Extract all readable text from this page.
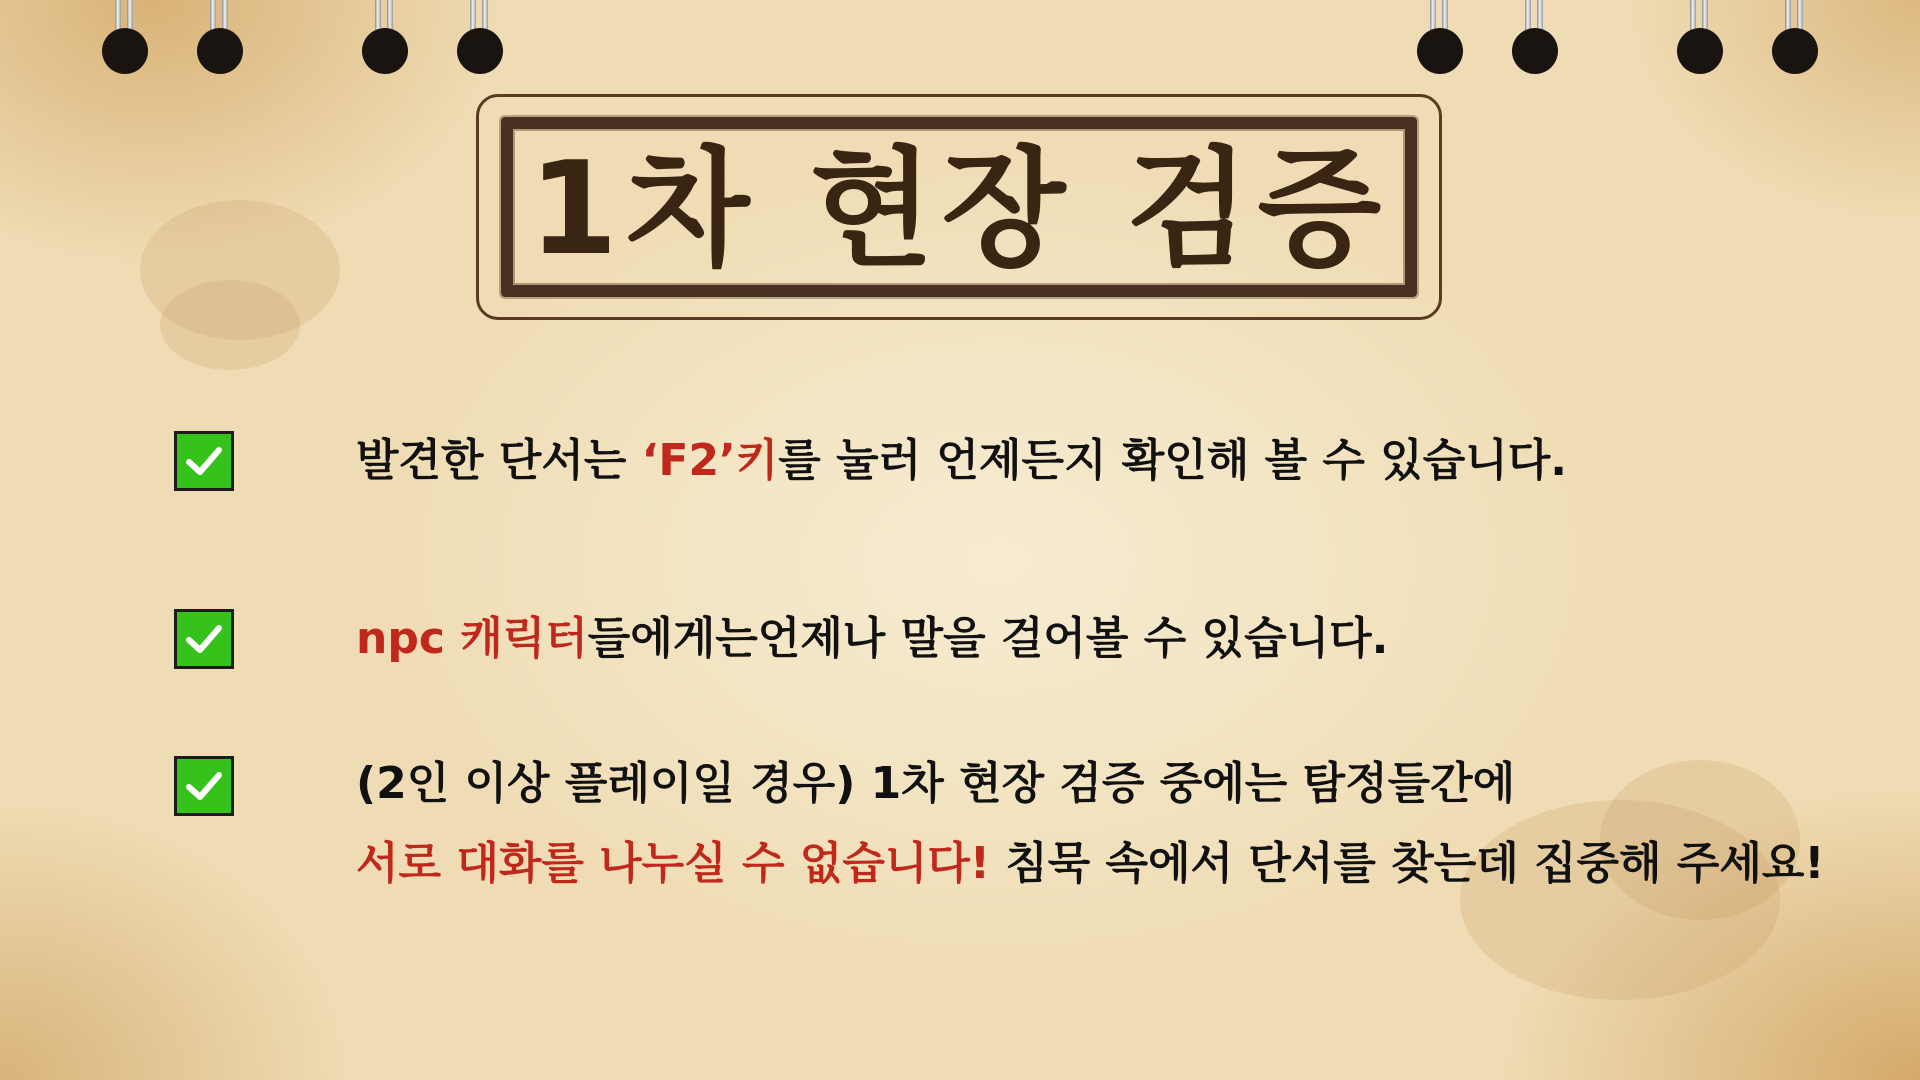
1차 현장 검증
발견한 단서는 ‘F2’키를 눌러 언제든지 확인해 볼 수 있습니다.
npc 캐릭터들에게는언제나 말을 걸어볼 수 있습니다.
(2인 이상 플레이일 경우) 1차 현장 검증 중에는 탐정들간에
서로 대화를 나누실 수 없습니다! 침묵 속에서 단서를 찾는데 집중해 주세요!
